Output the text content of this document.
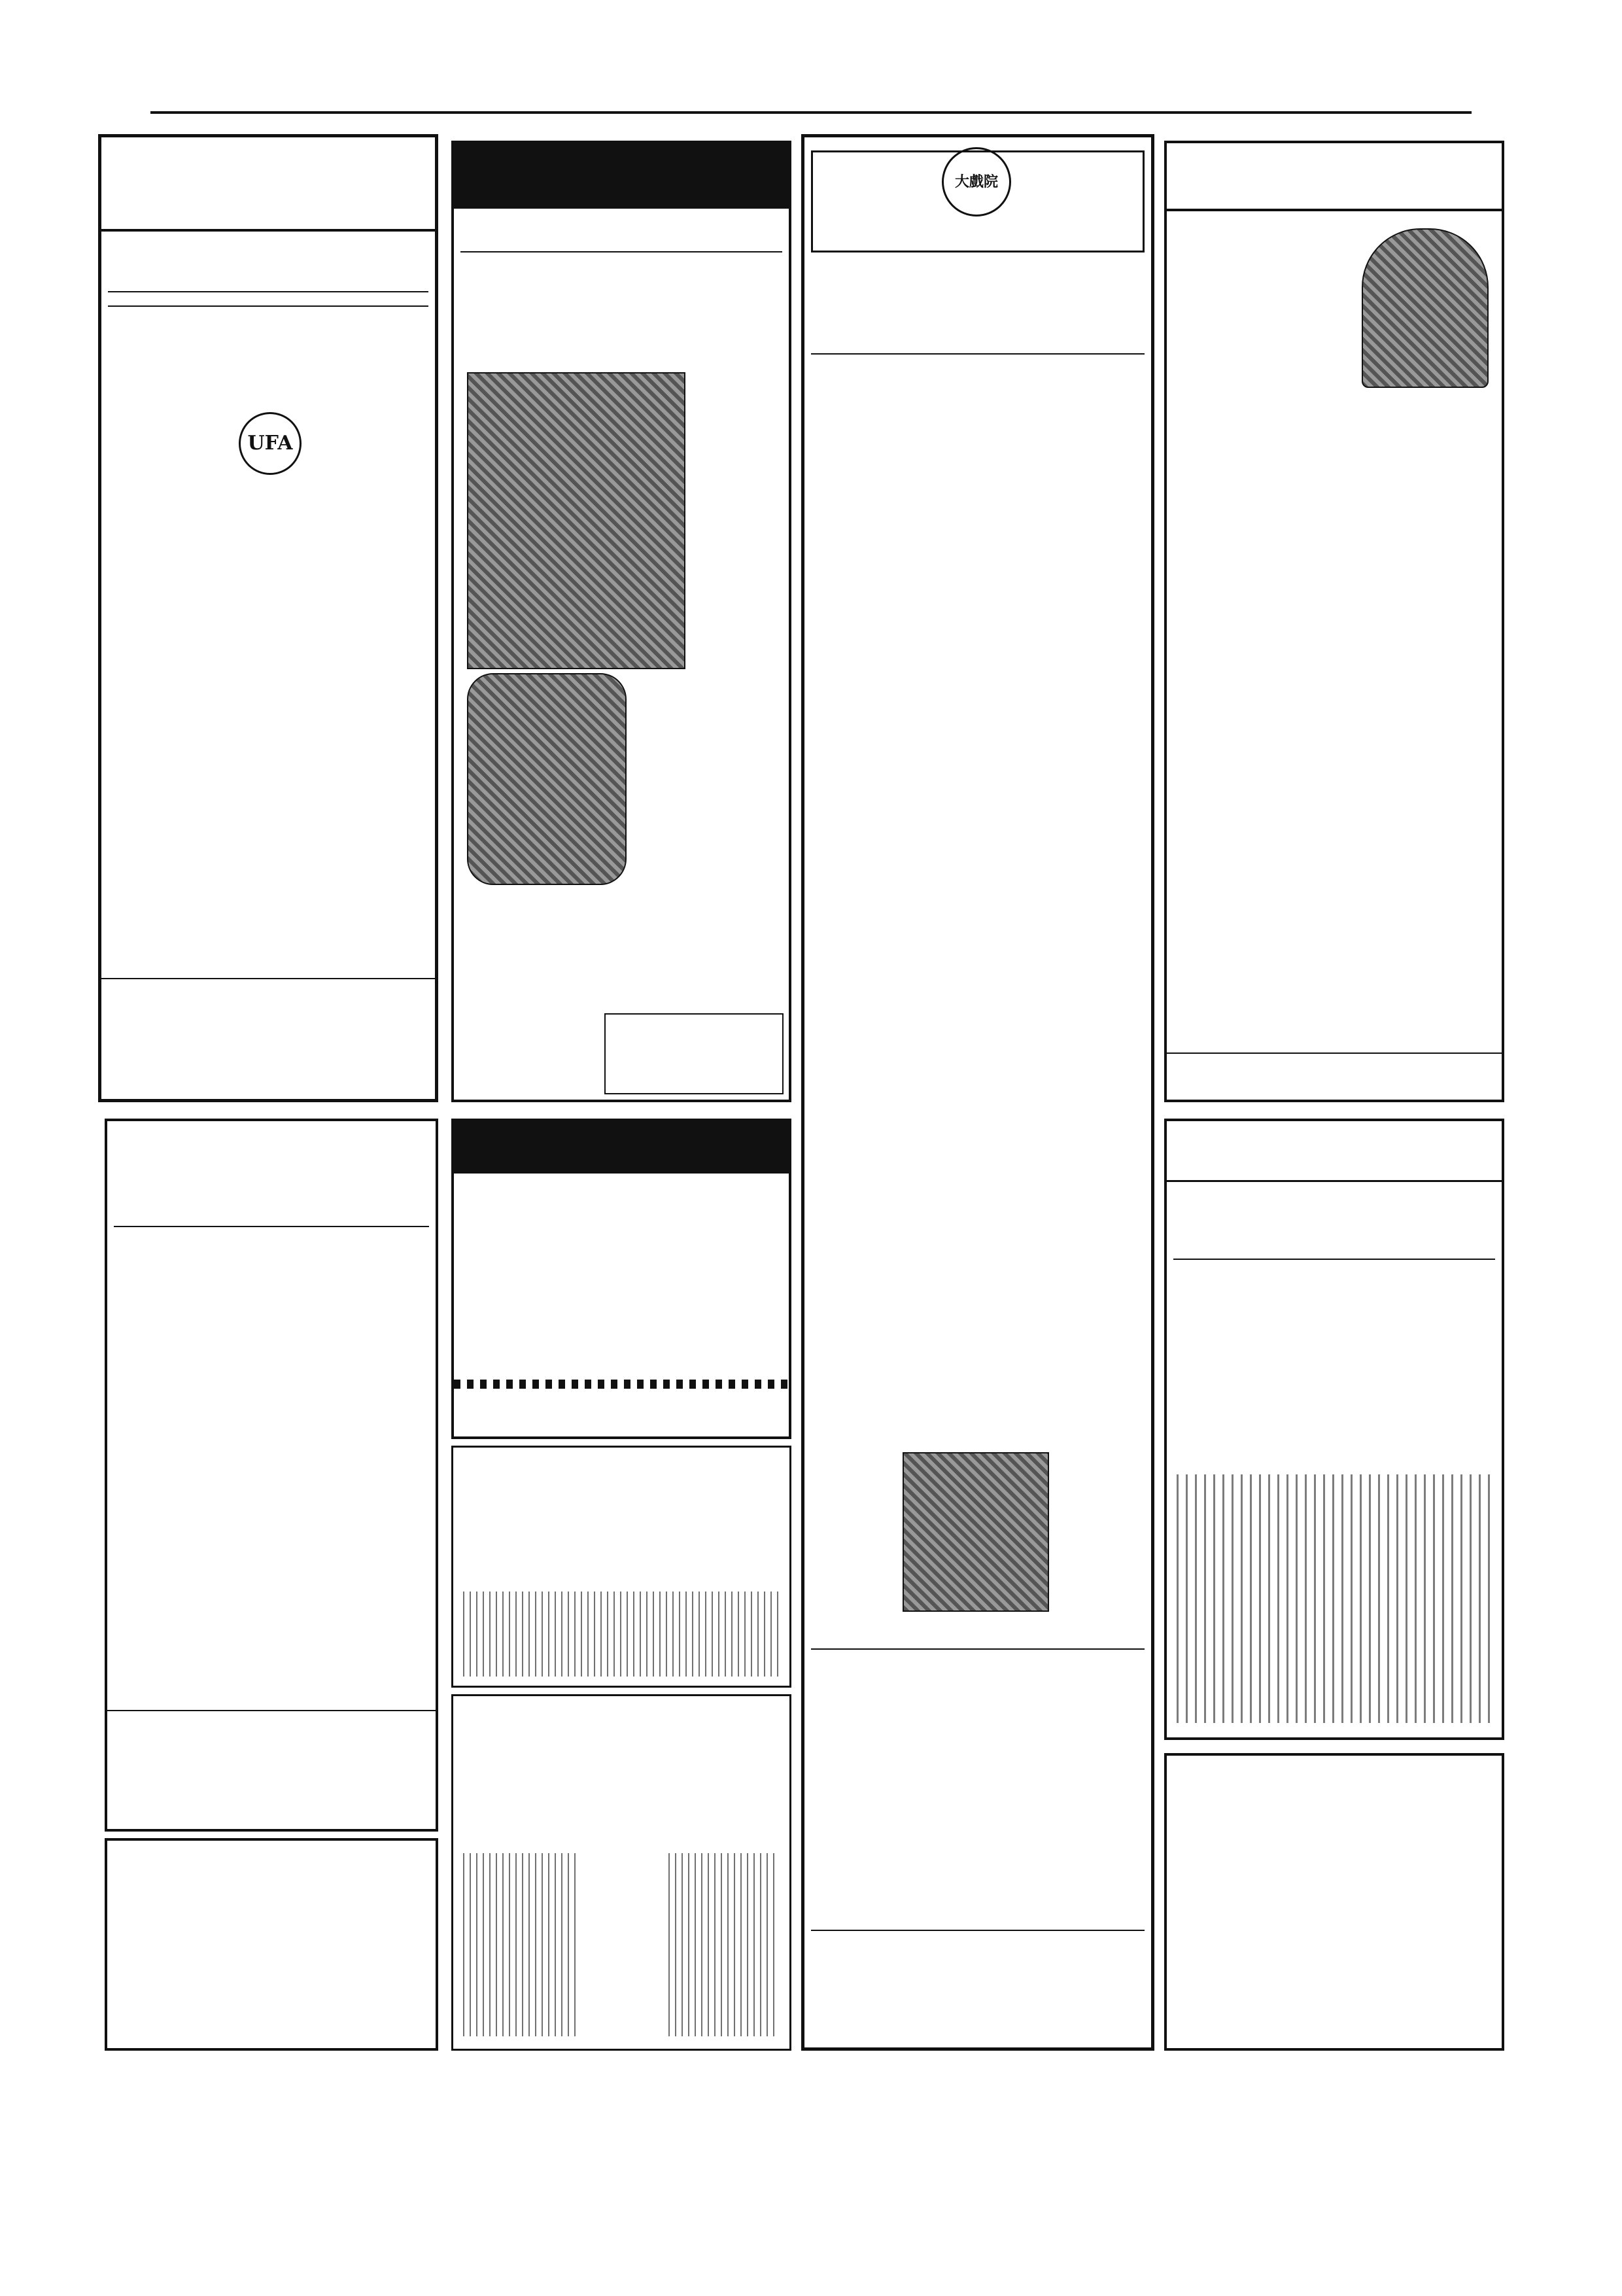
UFA
大戲院
